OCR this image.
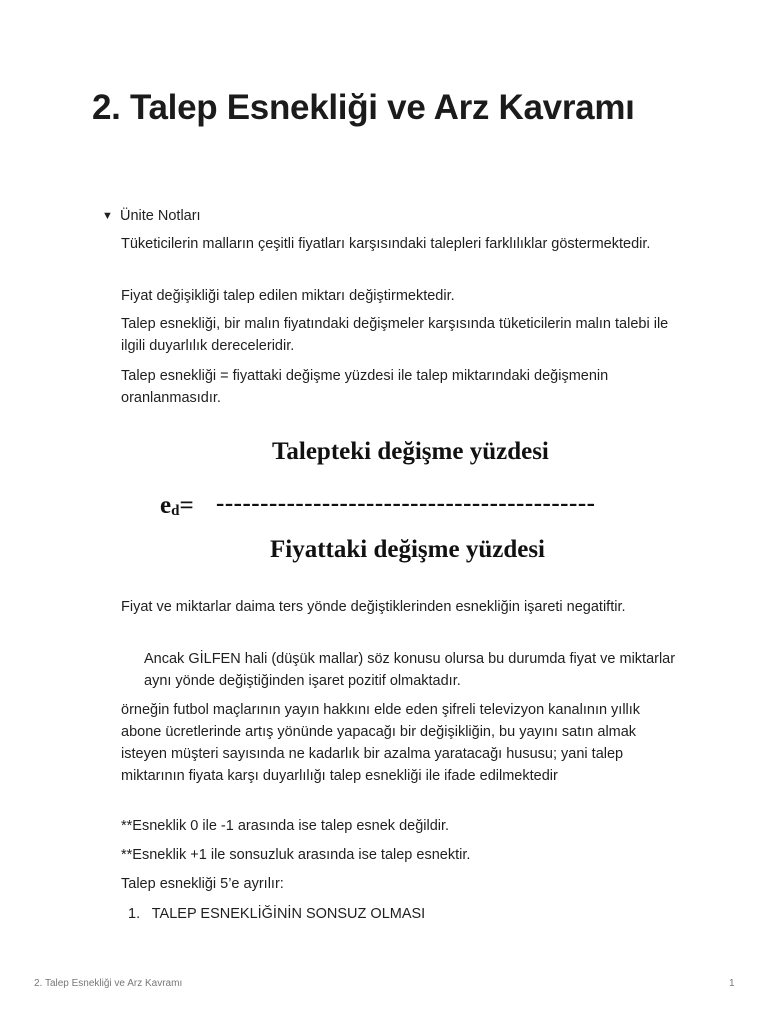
2. Talep Esnekliği ve Arz Kavramı
▼ Ünite Notları

Tüketicilerin malların çeşitli fiyatları karşısındaki talepleri farklılıklar göstermektedir.

Fiyat değişikliği talep edilen miktarı değiştirmektedir.

Talep esnekliği, bir malın fiyatındaki değişmeler karşısında tüketicilerin malın talebi ile ilgili duyarlılık dereceleridir.

Talep esnekliği = fiyattaki değişme yüzdesi ile talep miktarındaki değişmenin oranlanmasıdır.

Talepteki değişme yüzdesi
$e_d=$ -------------------------------------------
Fiyattaki değişme yüzdesi

Fiyat ve miktarlar daima ters yönde değiştiklerinden esnekliğin işareti negatiftir.

Ancak GİLFEN hali (düşük mallar) söz konusu olursa bu durumda fiyat ve miktarlar aynı yönde değiştiğinden işaret pozitif olmaktadır.

örneğin futbol maçlarının yayın hakkını elde eden şifreli televizyon kanalının yıllık abone ücretlerinde artış yönünde yapacağı bir değişikliğin, bu yayını satın almak isteyen müşteri sayısında ne kadarlık bir azalma yaratacağı hususu; yani talep miktarının fiyata karşı duyarlılığı talep esnekliği ile ifade edilmektedir

**Esneklik 0 ile -1 arasında ise talep esnek değildir.

**Esneklik +1 ile sonsuzluk arasında ise talep esnektir.

Talep esnekliği 5’e ayrılır:

1. TALEP ESNEKLİĞİNİN SONSUZ OLMASI
2. Talep Esnekliği ve Arz Kavramı	1
